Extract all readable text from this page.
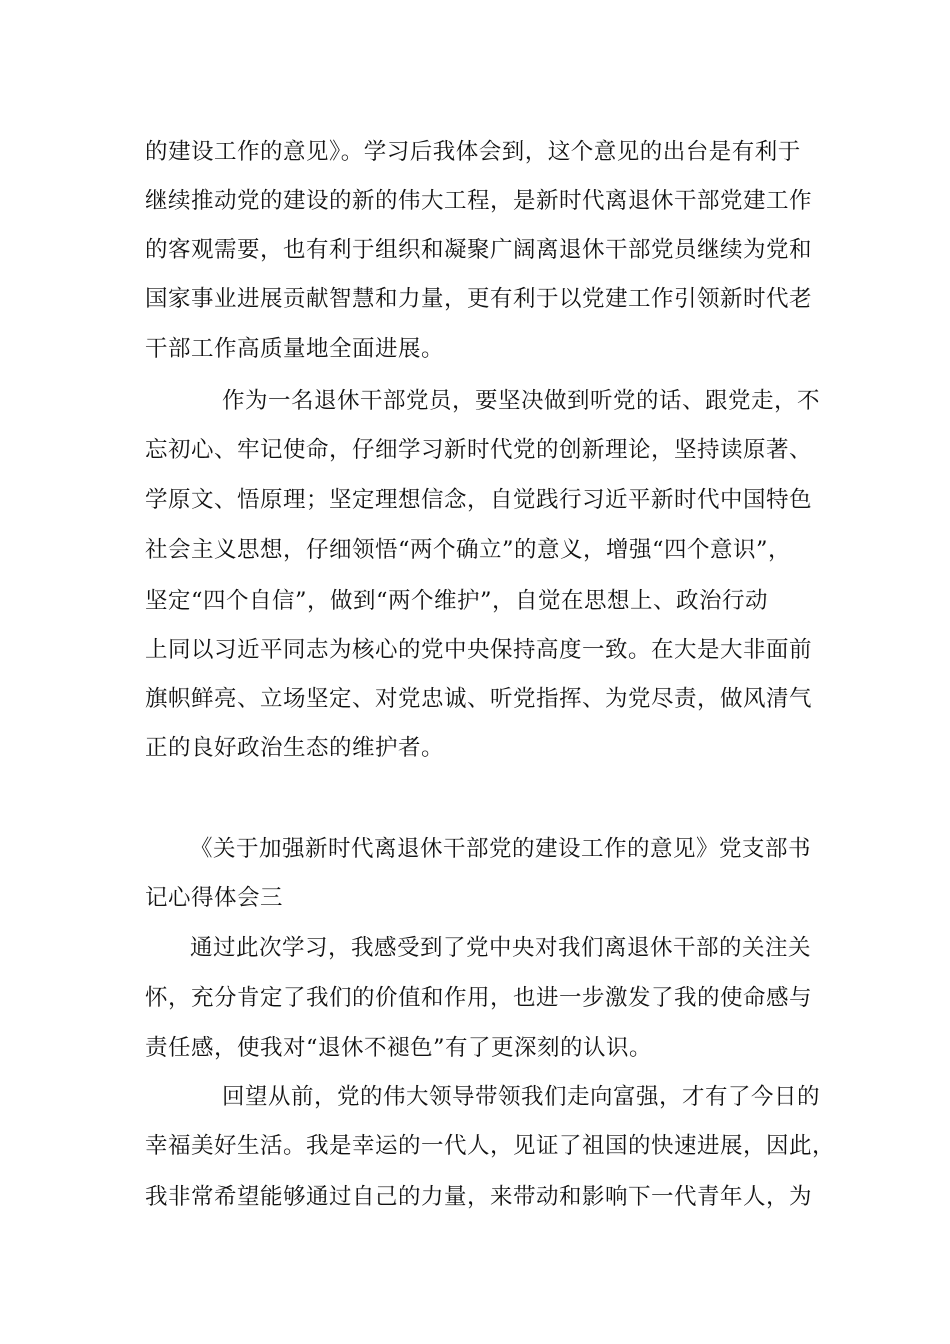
的建设工作的意见》。学习后我体会到，这个意见的出台是有利于
继续推动党的建设的新的伟大工程，是新时代离退休干部党建工作
的客观需要，也有利于组织和凝聚广阔离退休干部党员继续为党和
国家事业进展贡献智慧和力量，更有利于以党建工作引领新时代老
干部工作高质量地全面进展。
作为一名退休干部党员，要坚决做到听党的话、跟党走，不
忘初心、牢记使命，仔细学习新时代党的创新理论，坚持读原著、
学原文、悟原理；坚定理想信念，自觉践行习近平新时代中国特色
社会主义思想，仔细领悟“两个确立”的意义，增强“四个意识”，
坚定“四个自信”，做到“两个维护”，自觉在思想上、政治行动
上同以习近平同志为核心的党中央保持高度一致。在大是大非面前
旗帜鲜亮、立场坚定、对党忠诚、听党指挥、为党尽责，做风清气
正的良好政治生态的维护者。
《关于加强新时代离退休干部党的建设工作的意见》党支部书
记心得体会三
通过此次学习，我感受到了党中央对我们离退休干部的关注关
怀，充分肯定了我们的价值和作用，也进一步激发了我的使命感与
责任感，使我对“退休不褪色”有了更深刻的认识。
回望从前，党的伟大领导带领我们走向富强，才有了今日的
幸福美好生活。我是幸运的一代人，见证了祖国的快速进展，因此，
我非常希望能够通过自己的力量，来带动和影响下一代青年人，为
